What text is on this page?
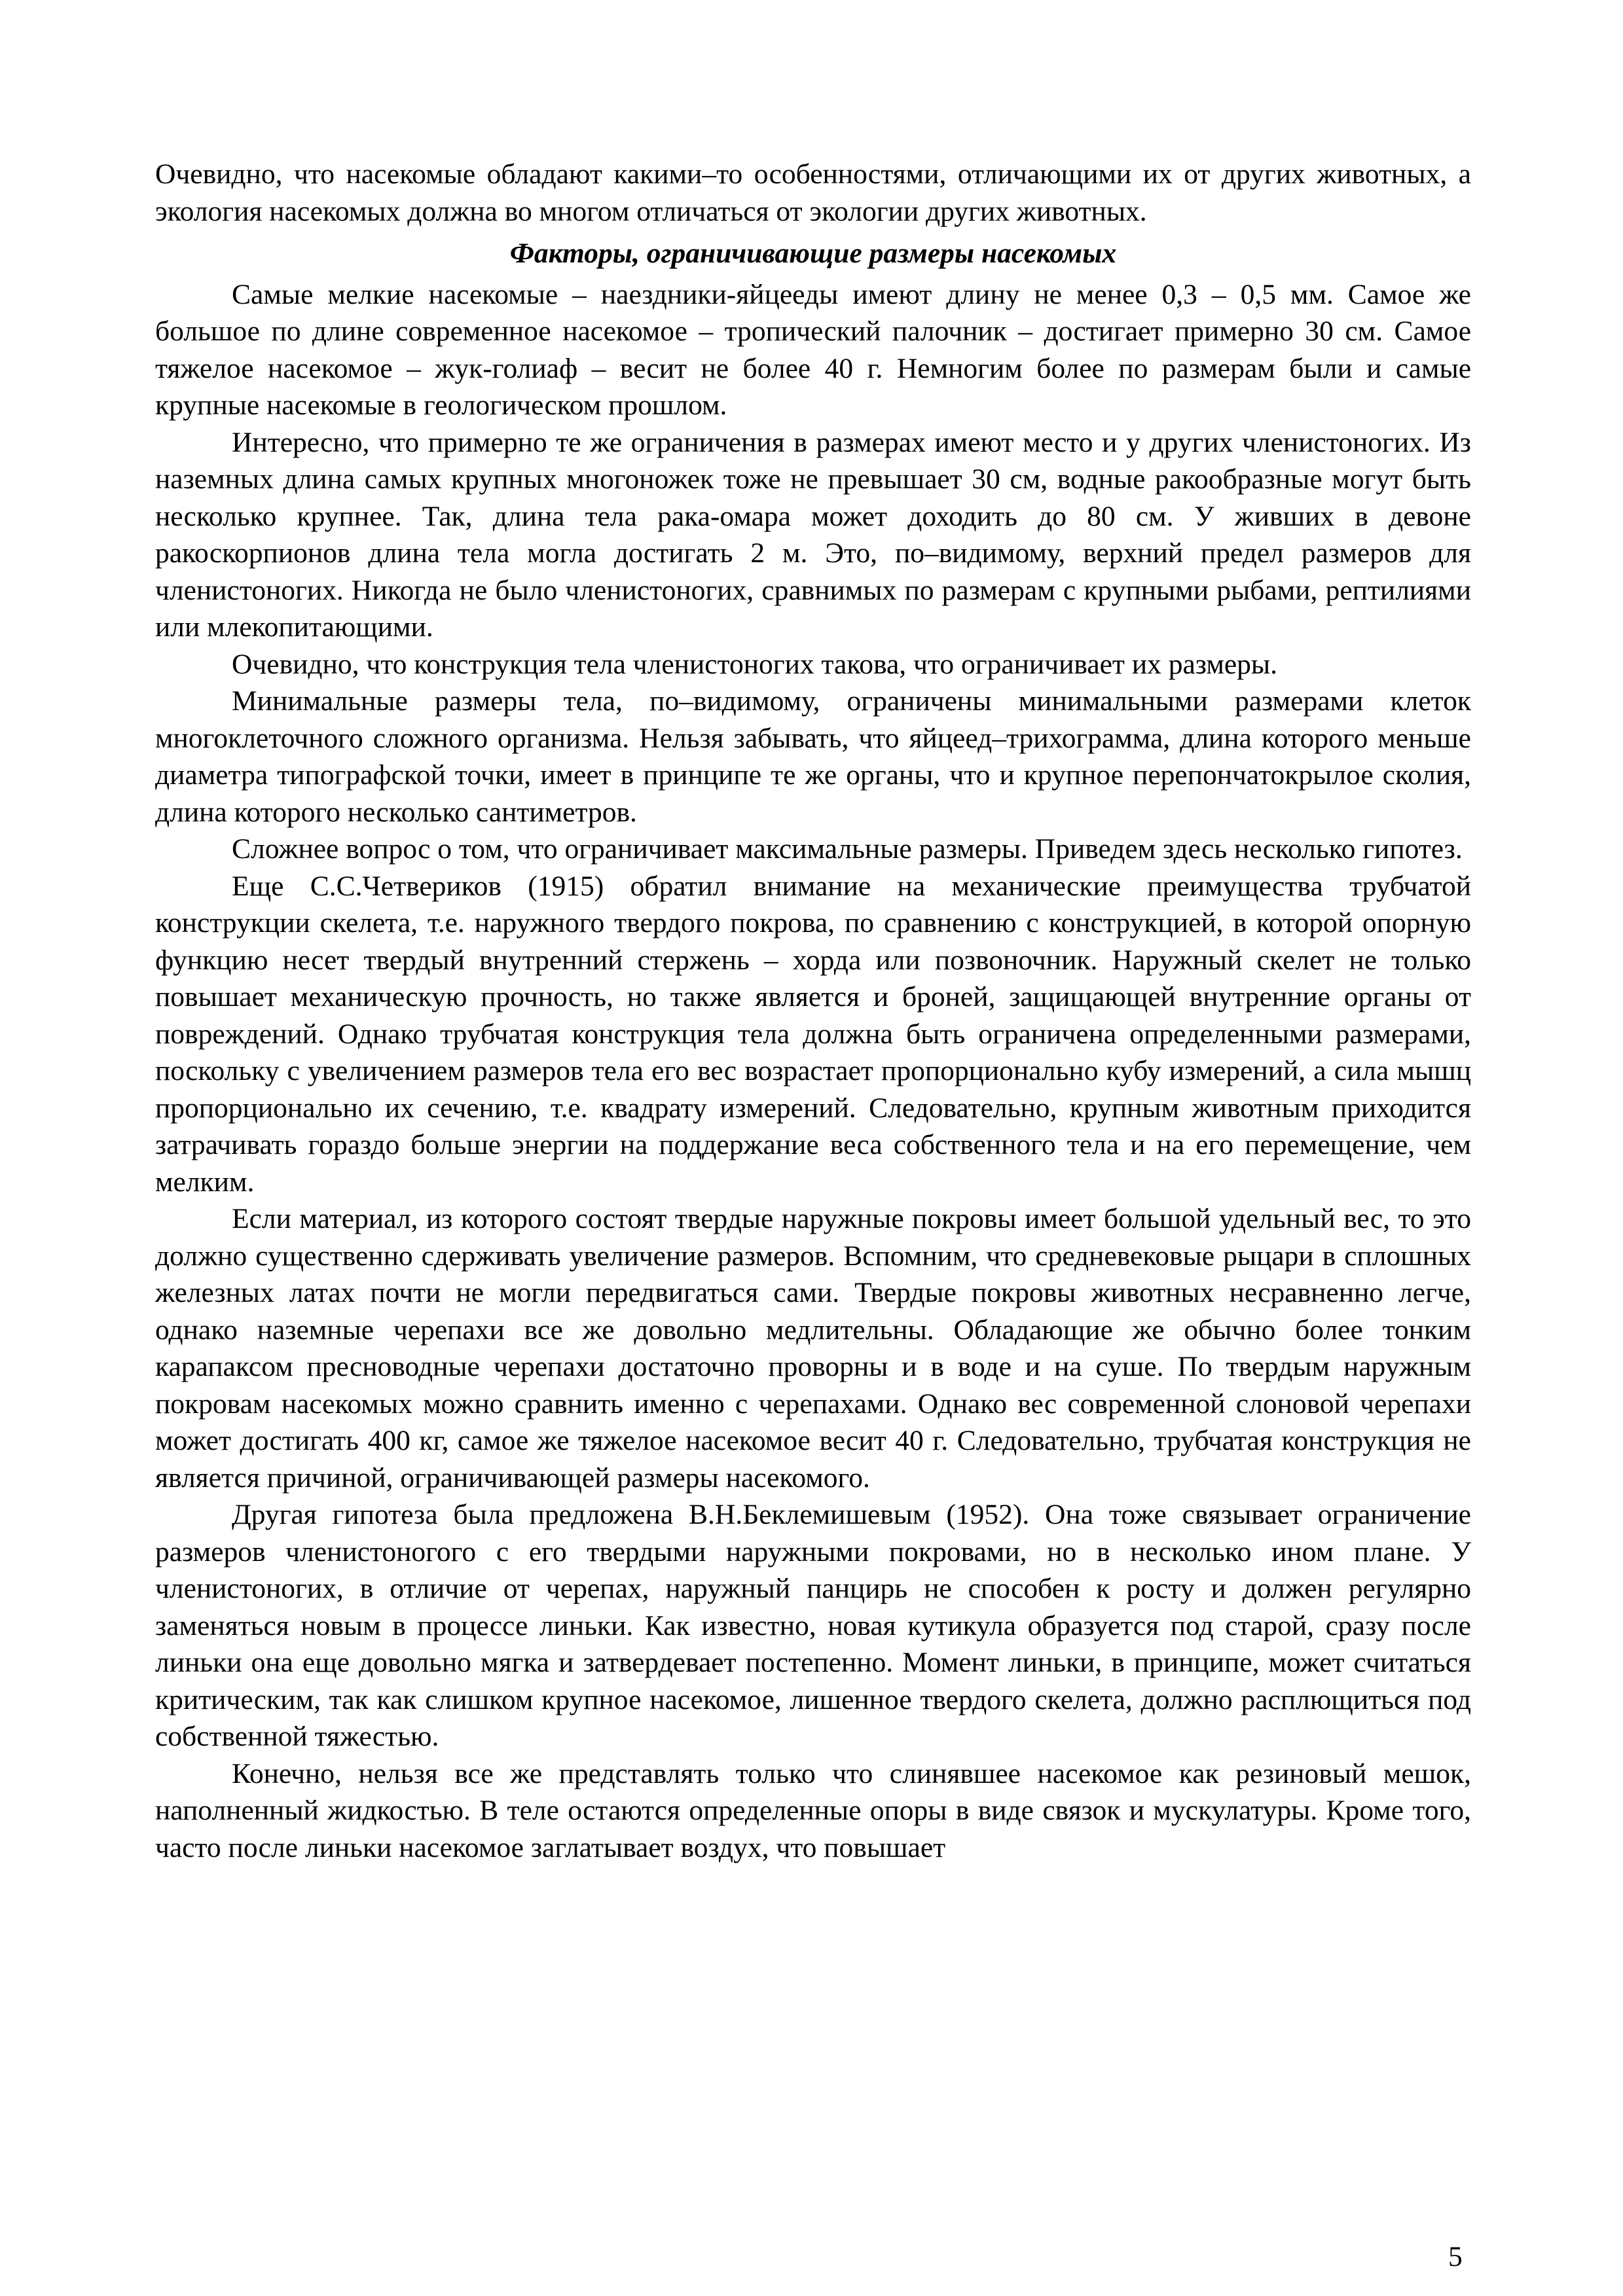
Очевидно, что насекомые обладают какими–то особенностями, отличающими их от других животных, а экология насекомых должна во многом отличаться от экологии других животных.

Факторы, ограничивающие размеры насекомых

Самые мелкие насекомые – наездники-яйцееды имеют длину не менее 0,3 – 0,5 мм. Самое же большое по длине современное насекомое – тропический палочник – достигает примерно 30 см. Самое тяжелое насекомое – жук-голиаф – весит не более 40 г. Немногим более по размерам были и самые крупные насекомые в геологическом прошлом.

Интересно, что примерно те же ограничения в размерах имеют место и у других членистоногих. Из наземных длина самых крупных многоножек тоже не превышает 30 см, водные ракообразные могут быть несколько крупнее. Так, длина тела рака-омара может доходить до 80 см. У живших в девоне ракоскорпионов длина тела могла достигать 2 м. Это, по–видимому, верхний предел размеров для членистоногих. Никогда не было членистоногих, сравнимых по размерам с крупными рыбами, рептилиями или млекопитающими.

Очевидно, что конструкция тела членистоногих такова, что ограничивает их размеры.

Минимальные размеры тела, по–видимому, ограничены минимальными размерами клеток многоклеточного сложного организма. Нельзя забывать, что яйцеед–трихограмма, длина которого меньше диаметра типографской точки, имеет в принципе те же органы, что и крупное перепончатокрылое сколия, длина которого несколько сантиметров.

Сложнее вопрос о том, что ограничивает максимальные размеры. Приведем здесь несколько гипотез.

Еще С.С.Четвериков (1915) обратил внимание на механические преимущества трубчатой конструкции скелета, т.е. наружного твердого покрова, по сравнению с конструкцией, в которой опорную функцию несет твердый внутренний стержень – хорда или позвоночник. Наружный скелет не только повышает механическую прочность, но также является и броней, защищающей внутренние органы от повреждений. Однако трубчатая конструкция тела должна быть ограничена определенными размерами, поскольку с увеличением размеров тела его вес возрастает пропорционально кубу измерений, а сила мышц пропорционально их сечению, т.е. квадрату измерений. Следовательно, крупным животным приходится затрачивать гораздо больше энергии на поддержание веса собственного тела и на его перемещение, чем мелким.

Если материал, из которого состоят твердые наружные покровы имеет большой удельный вес, то это должно существенно сдерживать увеличение размеров. Вспомним, что средневековые рыцари в сплошных железных латах почти не могли передвигаться сами. Твердые покровы животных несравненно легче, однако наземные черепахи все же довольно медлительны. Обладающие же обычно более тонким карапаксом пресноводные черепахи достаточно проворны и в воде и на суше. По твердым наружным покровам насекомых можно сравнить именно с черепахами. Однако вес современной слоновой черепахи может достигать 400 кг, самое же тяжелое насекомое весит 40 г. Следовательно, трубчатая конструкция не является причиной, ограничивающей размеры насекомого.

Другая гипотеза была предложена В.Н.Беклемишевым (1952). Она тоже связывает ограничение размеров членистоногого с его твердыми наружными покровами, но в несколько ином плане. У членистоногих, в отличие от черепах, наружный панцирь не способен к росту и должен регулярно заменяться новым в процессе линьки. Как известно, новая кутикула образуется под старой, сразу после линьки она еще довольно мягка и затвердевает постепенно. Момент линьки, в принципе, может считаться критическим, так как слишком крупное насекомое, лишенное твердого скелета, должно расплющиться под собственной тяжестью.

Конечно, нельзя все же представлять только что слинявшее насекомое как резиновый мешок, наполненный жидкостью. В теле остаются определенные опоры в виде связок и мускулатуры. Кроме того, часто после линьки насекомое заглатывает воздух, что повышает

5
